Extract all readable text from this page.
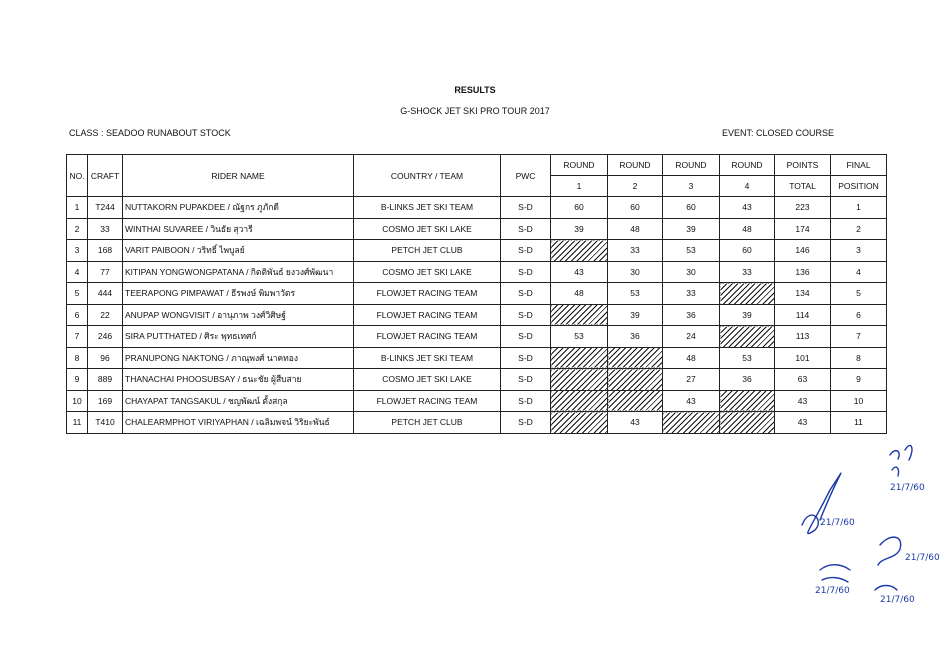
RESULTS
G-SHOCK JET SKI PRO TOUR 2017
CLASS : SEADOO RUNABOUT STOCK	EVENT: CLOSED COURSE
NO.	CRAFT	RIDER NAME	COUNTRY / TEAM	PWC	ROUND	ROUND	ROUND	ROUND	POINTS	FINAL
					1	2	3	4	TOTAL	POSITION
1	T244	NUTTAKORN PUPAKDEE / ณัฐกร ภูภักดี	B-LINKS JET SKI TEAM	S-D	60	60	60	43	223	1
2	33	WINTHAI SUVAREE / วินธัย สุวารี	COSMO JET SKI LAKE	S-D	39	48	39	48	174	2
3	168	VARIT PAIBOON / วริทธิ์ ไพบูลย์	PETCH JET CLUB	S-D		33	53	60	146	3
4	77	KITIPAN YONGWONGPATANA / กิตติพันธ์ ยงวงศ์พัฒนา	COSMO JET SKI LAKE	S-D	43	30	30	33	136	4
5	444	TEERAPONG PIMPAWAT / ธีรพงษ์ พิมพาวัตร	FLOWJET RACING TEAM	S-D	48	53	33		134	5
6	22	ANUPAP WONGVISIT / อานุภาพ วงศ์วิศิษฐ์	FLOWJET RACING TEAM	S-D		39	36	39	114	6
7	246	SIRA PUTTHATED / ศิระ พุทธเทศก์	FLOWJET RACING TEAM	S-D	53	36	24		113	7
8	96	PRANUPONG NAKTONG / ภาณุพงศ์ นาคทอง	B-LINKS JET SKI TEAM	S-D			48	53	101	8
9	889	THANACHAI PHOOSUBSAY / ธนะชัย ผู้สืบสาย	COSMO JET SKI LAKE	S-D			27	36	63	9
10	169	CHAYAPAT TANGSAKUL / ชญพัฒน์ ตั้งสกุล	FLOWJET RACING TEAM	S-D			43		43	10
11	T410	CHALEARMPHOT VIRIYAPHAN / เฉลิมพจน์ วิริยะพันธ์	PETCH JET CLUB	S-D		43			43	11
21/7/60
21/7/60
21/7/60
21/7/60
21/7/60
